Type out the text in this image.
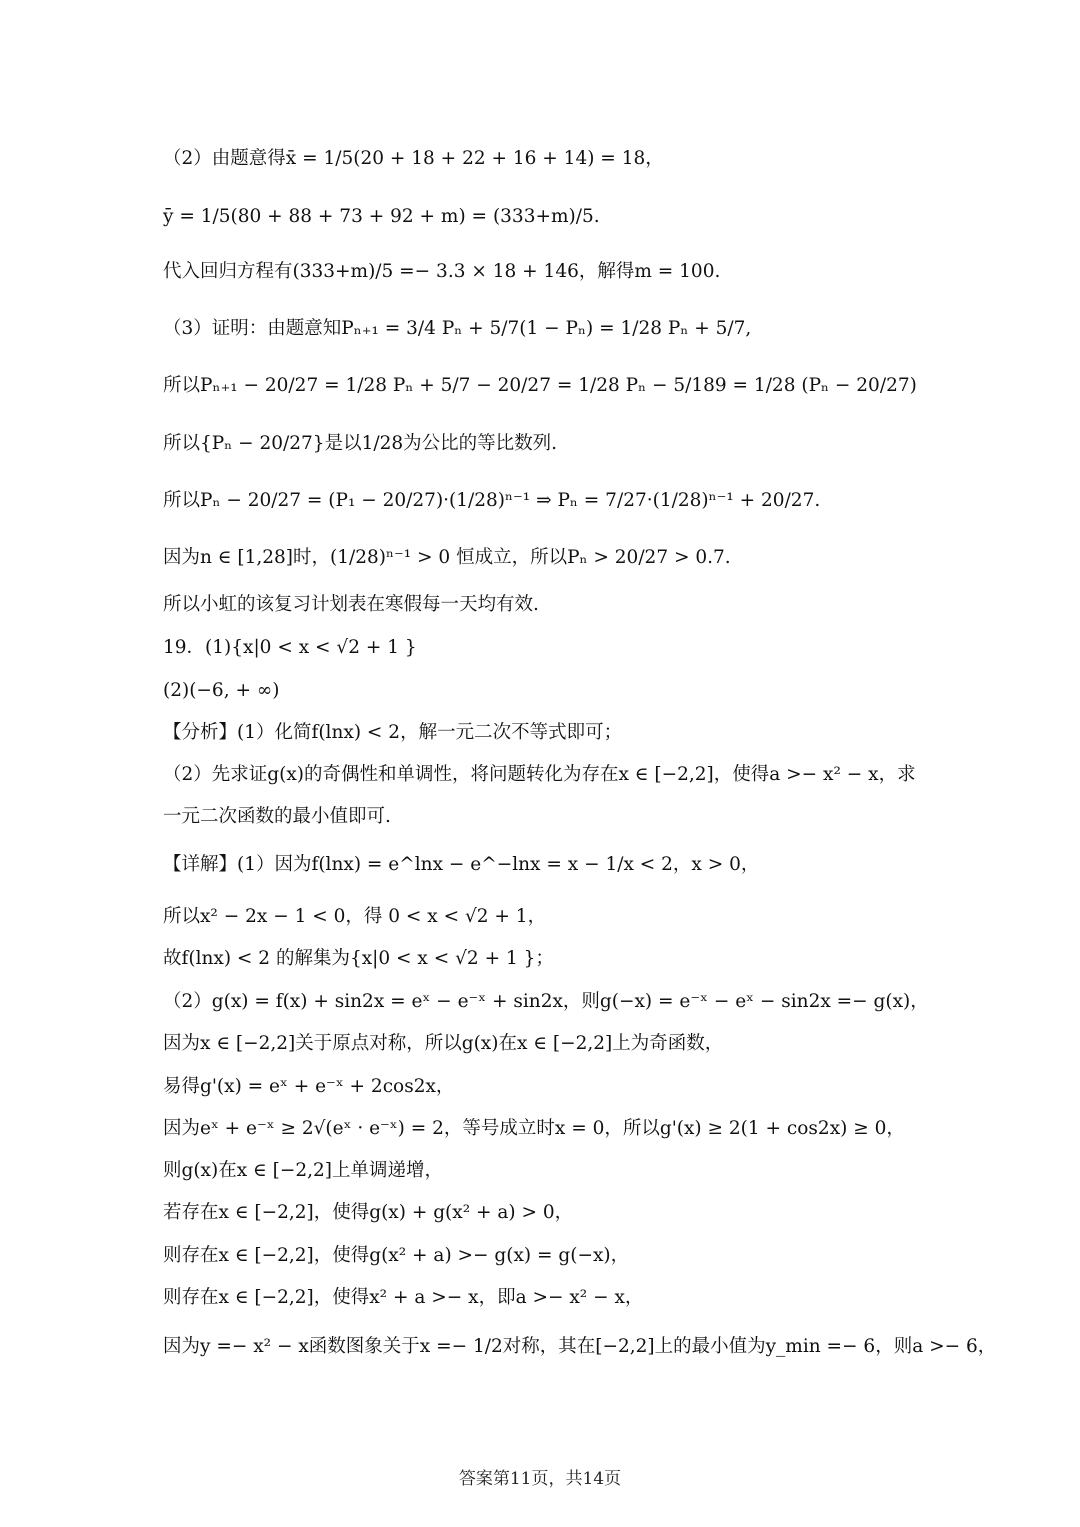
（2）由题意得x̄ = 1/5(20 + 18 + 22 + 16 + 14) = 18，
ȳ = 1/5(80 + 88 + 73 + 92 + m) = (333+m)/5.
代入回归方程有(333+m)/5 =− 3.3 × 18 + 146，解得m = 100.
（3）证明：由题意知Pₙ₊₁ = 3/4 Pₙ + 5/7(1 − Pₙ) = 1/28 Pₙ + 5/7,
所以Pₙ₊₁ − 20/27 = 1/28 Pₙ + 5/7 − 20/27 = 1/28 Pₙ − 5/189 = 1/28 (Pₙ − 20/27)
所以{Pₙ − 20/27}是以1/28为公比的等比数列.
所以Pₙ − 20/27 = (P₁ − 20/27)·(1/28)ⁿ⁻¹ ⇒ Pₙ = 7/27·(1/28)ⁿ⁻¹ + 20/27.
因为n ∈ [1,28]时，(1/28)ⁿ⁻¹ > 0 恒成立，所以Pₙ > 20/27 > 0.7.
所以小虹的该复习计划表在寒假每一天均有效.
19．(1){x|0 < x < √2 + 1 }
(2)(−6, + ∞)
【分析】(1）化简f(lnx) < 2，解一元二次不等式即可；
（2）先求证g(x)的奇偶性和单调性，将问题转化为存在x ∈ [−2,2]，使得a >− x² − x，求
一元二次函数的最小值即可.
【详解】(1）因为f(lnx) = e^lnx − e^−lnx = x − 1/x < 2，x > 0，
所以x² − 2x − 1 < 0，得 0 < x < √2 + 1，
故f(lnx) < 2 的解集为{x|0 < x < √2 + 1 }；
（2）g(x) = f(x) + sin2x = eˣ − e⁻ˣ + sin2x，则g(−x) = e⁻ˣ − eˣ − sin2x =− g(x)，
因为x ∈ [−2,2]关于原点对称，所以g(x)在x ∈ [−2,2]上为奇函数，
易得g'(x) = eˣ + e⁻ˣ + 2cos2x，
因为eˣ + e⁻ˣ ≥ 2√(eˣ · e⁻ˣ) = 2，等号成立时x = 0，所以g'(x) ≥ 2(1 + cos2x) ≥ 0，
则g(x)在x ∈ [−2,2]上单调递增，
若存在x ∈ [−2,2]，使得g(x) + g(x² + a) > 0，
则存在x ∈ [−2,2]，使得g(x² + a) >− g(x) = g(−x)，
则存在x ∈ [−2,2]，使得x² + a >− x，即a >− x² − x，
因为y =− x² − x函数图象关于x =− 1/2对称，其在[−2,2]上的最小值为y_min =− 6，则a >− 6，
答案第11页，共14页
